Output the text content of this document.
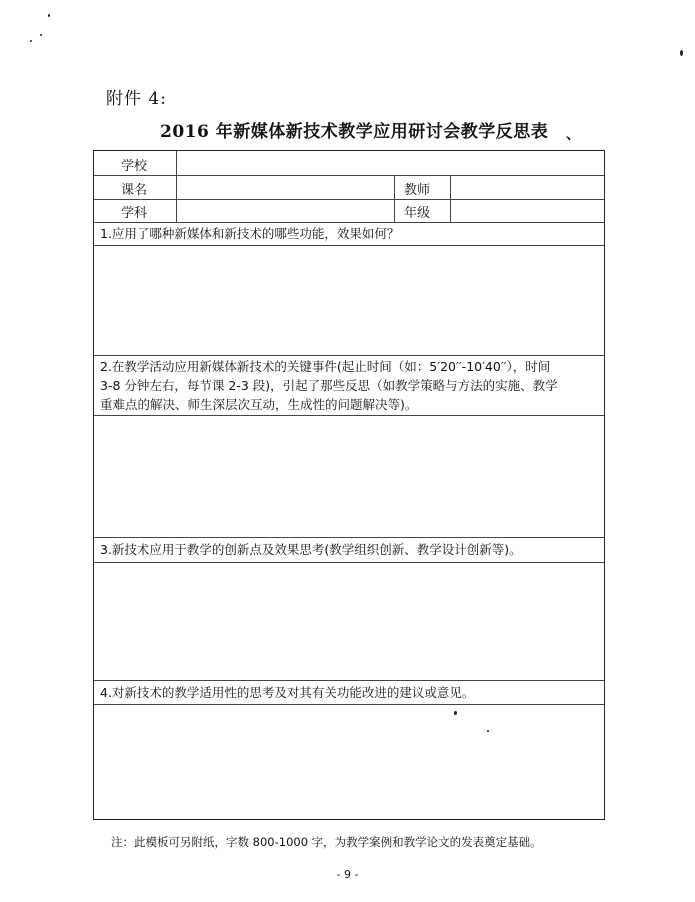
附件 4:
2016 年新媒体新技术教学应用研讨会教学反思表 、
学校
课名
学科
教师
年级
1.应用了哪种新媒体和新技术的哪些功能，效果如何？
2.在教学活动应用新媒体新技术的关键事件(起止时间（如：5′20′′-10′40′′），时间
3-8 分钟左右，每节课 2-3 段)，引起了那些反思（如教学策略与方法的实施、教学
重难点的解决、师生深层次互动，生成性的问题解决等)。
3.新技术应用于教学的创新点及效果思考(教学组织创新、教学设计创新等)。
4.对新技术的教学适用性的思考及对其有关功能改进的建议或意见。
注：此模板可另附纸，字数 800-1000 字，为教学案例和教学论文的发表奠定基础。
- 9 -
